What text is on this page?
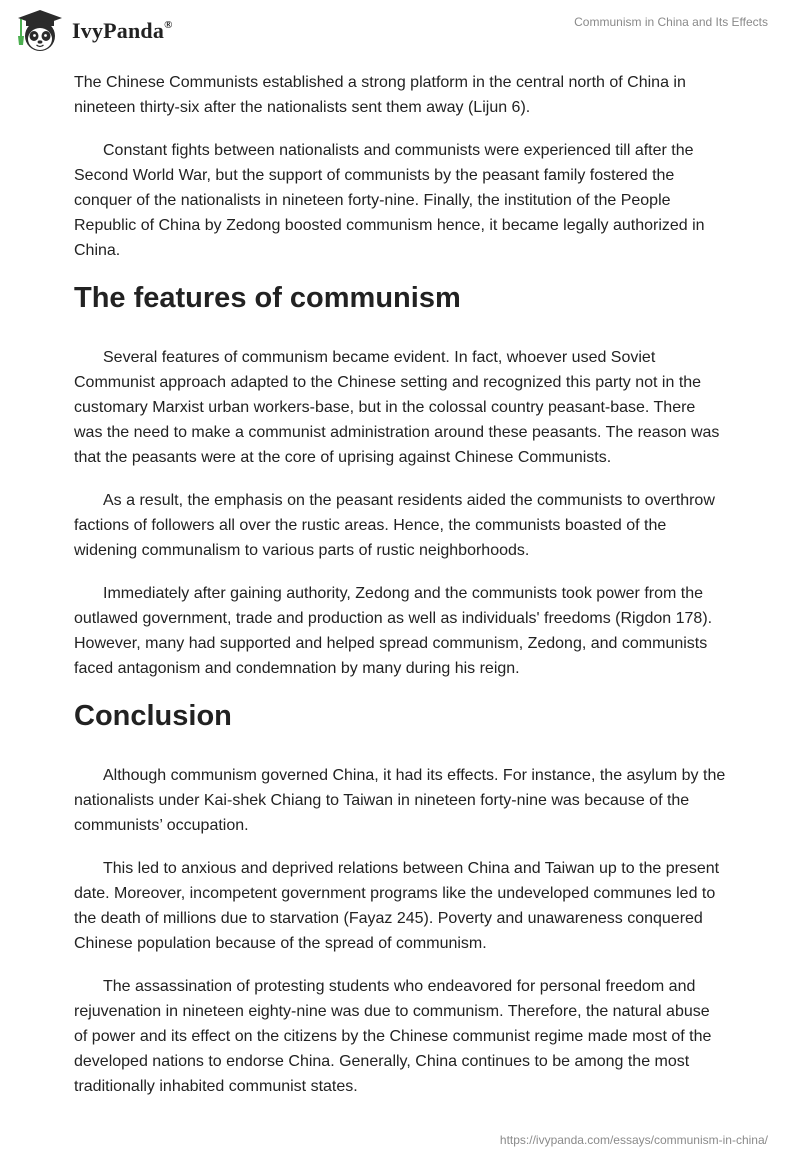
IvyPanda®	Communism in China and Its Effects

The Chinese Communists established a strong platform in the central north of China in nineteen thirty-six after the nationalists sent them away (Lijun 6).

Constant fights between nationalists and communists were experienced till after the Second World War, but the support of communists by the peasant family fostered the conquer of the nationalists in nineteen forty-nine. Finally, the institution of the People Republic of China by Zedong boosted communism hence, it became legally authorized in China.

The features of communism

Several features of communism became evident. In fact, whoever used Soviet Communist approach adapted to the Chinese setting and recognized this party not in the customary Marxist urban workers-base, but in the colossal country peasant-base. There was the need to make a communist administration around these peasants. The reason was that the peasants were at the core of uprising against Chinese Communists.

As a result, the emphasis on the peasant residents aided the communists to overthrow factions of followers all over the rustic areas. Hence, the communists boasted of the widening communalism to various parts of rustic neighborhoods.

Immediately after gaining authority, Zedong and the communists took power from the outlawed government, trade and production as well as individuals' freedoms (Rigdon 178). However, many had supported and helped spread communism, Zedong, and communists faced antagonism and condemnation by many during his reign.

Conclusion

Although communism governed China, it had its effects. For instance, the asylum by the nationalists under Kai-shek Chiang to Taiwan in nineteen forty-nine was because of the communists’ occupation.

This led to anxious and deprived relations between China and Taiwan up to the present date. Moreover, incompetent government programs like the undeveloped communes led to the death of millions due to starvation (Fayaz 245). Poverty and unawareness conquered Chinese population because of the spread of communism.

The assassination of protesting students who endeavored for personal freedom and rejuvenation in nineteen eighty-nine was due to communism. Therefore, the natural abuse of power and its effect on the citizens by the Chinese communist regime made most of the developed nations to endorse China. Generally, China continues to be among the most traditionally inhabited communist states.

https://ivypanda.com/essays/communism-in-china/
